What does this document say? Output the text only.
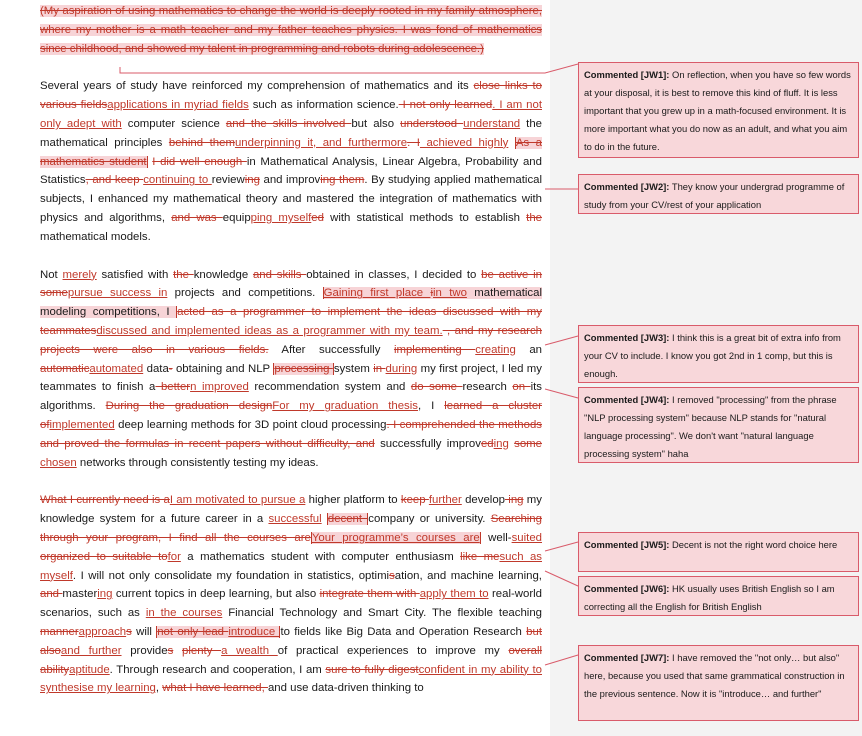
(My aspiration of using mathematics to change the world is deeply rooted in my family atmosphere, where my mother is a math teacher and my father teaches physics. I was fond of mathematics since childhood, and showed my talent in programming and robots during adolescence.)

Several years of study have reinforced my comprehension of mathematics and its close links to various fieldsapplications in myriad fields such as information science. I not only learned. I am not only adept with computer science and the skills involved but also understood understand the mathematical principles behind themunderpinning it, and furthermore. I achieved highly As a mathematics student I did well enough in Mathematical Analysis, Linear Algebra, Probability and Statistics, and keep continuing to reviewing and improving them. By studying applied mathematical subjects, I enhanced my mathematical theory and mastered the integration of mathematics with physics and algorithms, and was equipping myselfed with statistical methods to establish the mathematical models.

Not merely satisfied with the knowledge and skills obtained in classes, I decided to be active in somepursue success in projects and competitions. Gaining first place iin two mathematical modeling competitions, I acted as a programmer to implement the ideas discussed with my teammatesdiscussed and implemented ideas as a programmer with my team. , and my research projects were also in various fields. After successfully implementing creating an automaticautomated data- obtaining and NLP processing system in during my first project, I led my teammates to finish a bettern improved recommendation system and do some research on its algorithms. During the graduation designFor my graduation thesis, I learned a cluster ofimplemented deep learning methods for 3D point cloud processing. I comprehended the methods and proved the formulas in recent papers without difficulty, and successfully improveding some chosen networks through consistently testing my ideas.

What I currently need is aI am motivated to pursue a higher platform to keep further develop ing my knowledge system for a future career in a successful decent company or university. Searching through your program, I find all the courses areYour programme’s courses are well-suited organized to suitable tofor a mathematics student with computer enthusiasm like mesuch as myself. I will not only consolidate my foundation in statistics, optimisation, and machine learning, and mastering current topics in deep learning, but also integrate them with apply them to real-world scenarios, such as in the courses Financial Technology and Smart City. The flexible teaching mannerapproachs will not only lead introduce to fields like Big Data and Operation Research but alsoand further provides plenty a wealth of practical experiences to improve my overall abilityaptitude. Through research and cooperation, I am sure to fully digestconfident in my ability to synthesise my learning, what I have learned, and use data-driven thinking to

Commented [JW1]: On reflection, when you have so few words at your disposal, it is best to remove this kind of fluff. It is less important that you grew up in a math-focused environment. It is more important what you do now as an adult, and what you aim to do in the future.
Commented [JW2]: They know your undergrad programme of study from your CV/rest of your application
Commented [JW3]: I think this is a great bit of extra info from your CV to include. I know you got 2nd in 1 comp, but this is enough.
Commented [JW4]: I removed "processing" from the phrase "NLP processing system" because NLP stands for "natural language processing". We don't want "natural language processing system" haha
Commented [JW5]: Decent is not the right word choice here
Commented [JW6]: HK usually uses British English so I am correcting all the English for British English
Commented [JW7]: I have removed the "not only… but also" here, because you used that same grammatical construction in the previous sentence. Now it is "introduce… and further"
